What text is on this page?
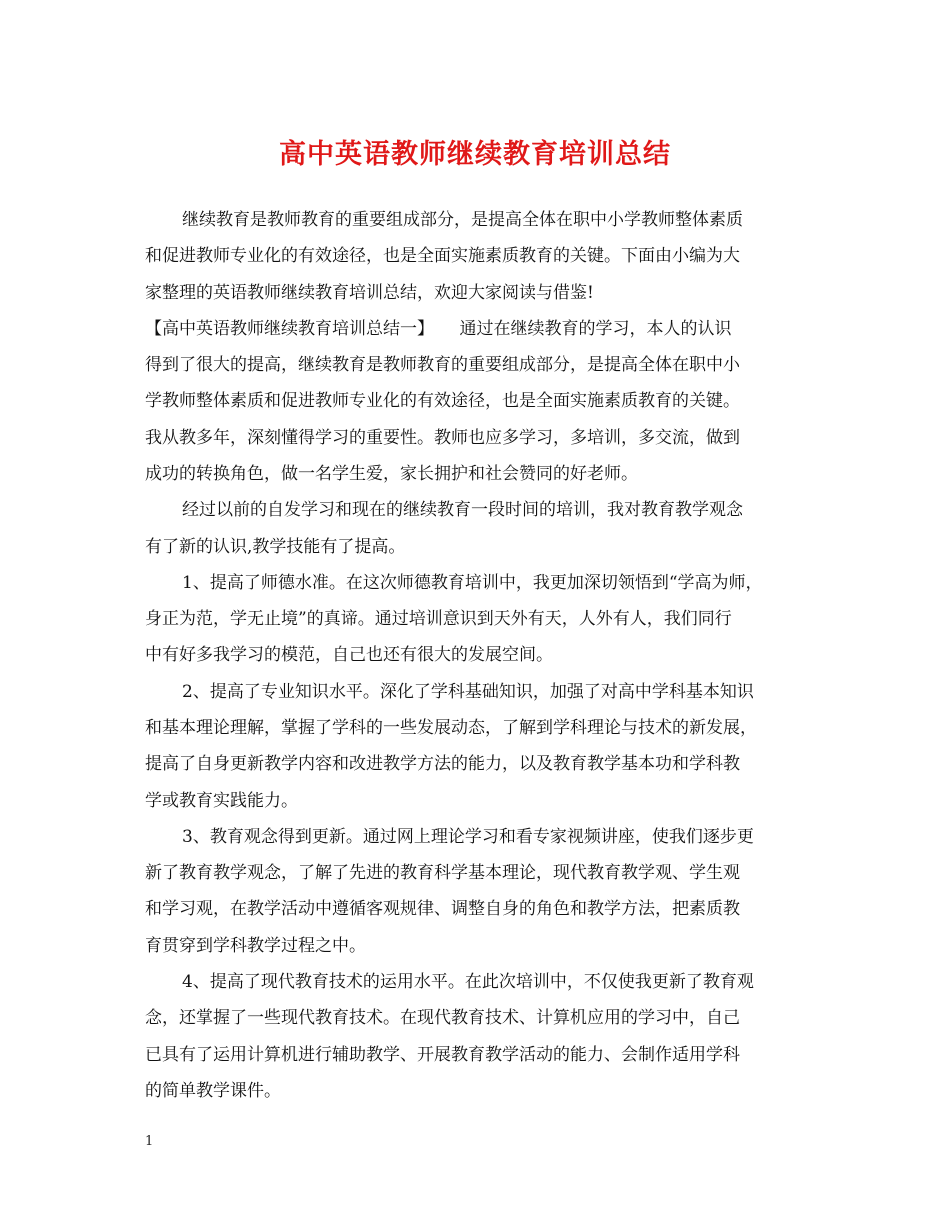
高中英语教师继续教育培训总结

继续教育是教师教育的重要组成部分，是提高全体在职中小学教师整体素质

和促进教师专业化的有效途径，也是全面实施素质教育的关键。下面由小编为大

家整理的英语教师继续教育培训总结，欢迎大家阅读与借鉴!

【高中英语教师继续教育培训总结一】　　通过在继续教育的学习，本人的认识

得到了很大的提高，继续教育是教师教育的重要组成部分，是提高全体在职中小

学教师整体素质和促进教师专业化的有效途径，也是全面实施素质教育的关键。

我从教多年，深刻懂得学习的重要性。教师也应多学习，多培训，多交流，做到

成功的转换角色，做一名学生爱，家长拥护和社会赞同的好老师。

经过以前的自发学习和现在的继续教育一段时间的培训，我对教育教学观念

有了新的认识,教学技能有了提高。

1、提高了师德水准。在这次师德教育培训中，我更加深切领悟到“学高为师，

身正为范，学无止境”的真谛。通过培训意识到天外有天，人外有人，我们同行

中有好多我学习的模范，自己也还有很大的发展空间。

2、提高了专业知识水平。深化了学科基础知识，加强了对高中学科基本知识

和基本理论理解，掌握了学科的一些发展动态，了解到学科理论与技术的新发展，

提高了自身更新教学内容和改进教学方法的能力，以及教育教学基本功和学科教

学或教育实践能力。

3、教育观念得到更新。通过网上理论学习和看专家视频讲座，使我们逐步更

新了教育教学观念，了解了先进的教育科学基本理论，现代教育教学观、学生观

和学习观，在教学活动中遵循客观规律、调整自身的角色和教学方法，把素质教

育贯穿到学科教学过程之中。

4、提高了现代教育技术的运用水平。在此次培训中，不仅使我更新了教育观

念，还掌握了一些现代教育技术。在现代教育技术、计算机应用的学习中，自己

已具有了运用计算机进行辅助教学、开展教育教学活动的能力、会制作适用学科

的简单教学课件。

1
